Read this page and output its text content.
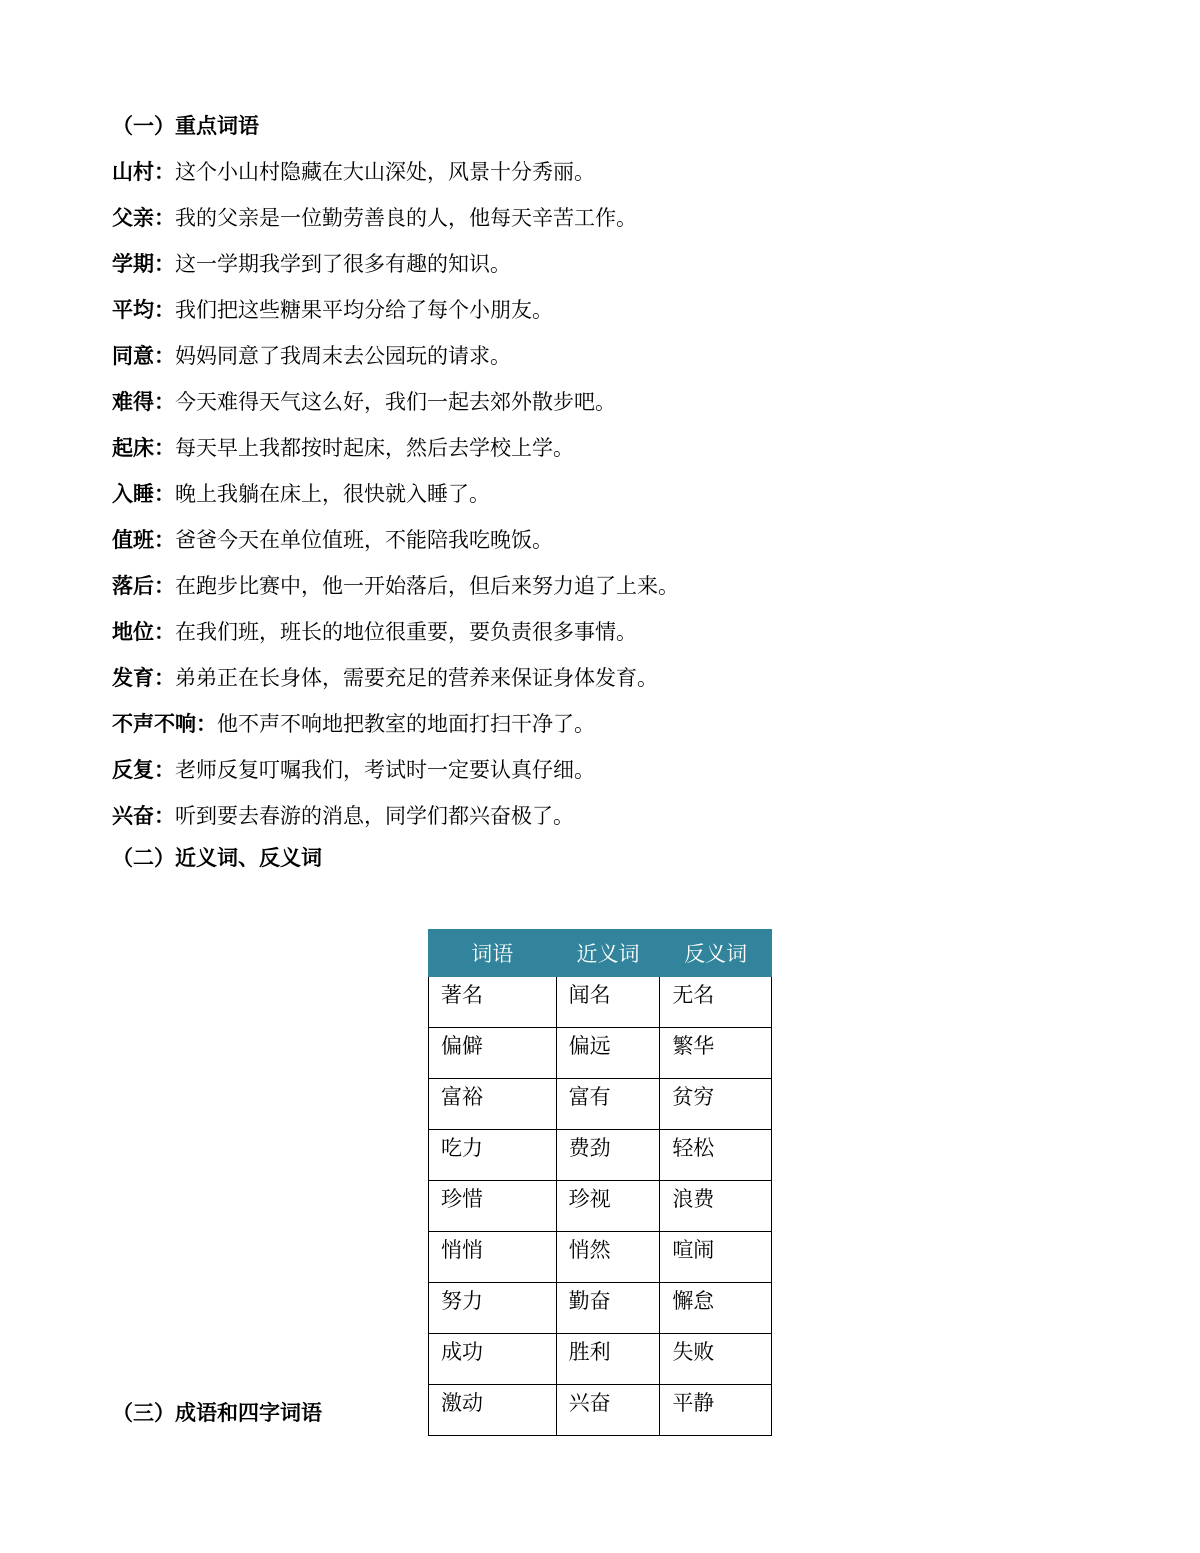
（一）重点词语
山村：这个小山村隐藏在大山深处，风景十分秀丽。
父亲：我的父亲是一位勤劳善良的人，他每天辛苦工作。
学期：这一学期我学到了很多有趣的知识。
平均：我们把这些糖果平均分给了每个小朋友。
同意：妈妈同意了我周末去公园玩的请求。
难得：今天难得天气这么好，我们一起去郊外散步吧。
起床：每天早上我都按时起床，然后去学校上学。
入睡：晚上我躺在床上，很快就入睡了。
值班：爸爸今天在单位值班，不能陪我吃晚饭。
落后：在跑步比赛中，他一开始落后，但后来努力追了上来。
地位：在我们班，班长的地位很重要，要负责很多事情。
发育：弟弟正在长身体，需要充足的营养来保证身体发育。
不声不响：他不声不响地把教室的地面打扫干净了。
反复：老师反复叮嘱我们，考试时一定要认真仔细。
兴奋：听到要去春游的消息，同学们都兴奋极了。
（二）近义词、反义词
词语	近义词	反义词
著名	闻名	无名
偏僻	偏远	繁华
富裕	富有	贫穷
吃力	费劲	轻松
珍惜	珍视	浪费
悄悄	悄然	喧闹
努力	勤奋	懈怠
成功	胜利	失败
激动	兴奋	平静
（三）成语和四字词语
